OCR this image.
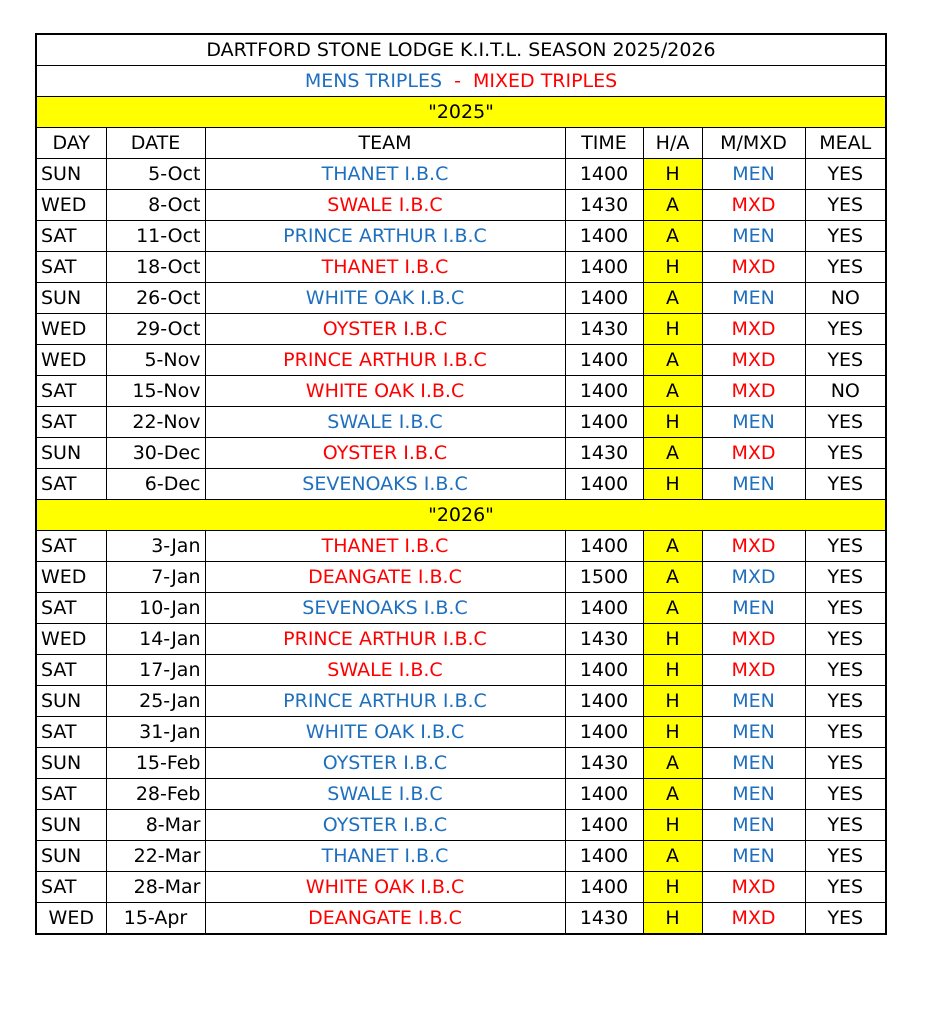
DARTFORD STONE LODGE K.I.T.L. SEASON 2025/2026						
MENS TRIPLES - MIXED TRIPLES						
"2025"						
DAY	DATE	TEAM	TIME	H/A	M/MXD	MEAL
SUN	5-Oct	THANET I.B.C	1400	H	MEN	YES
WED	8-Oct	SWALE I.B.C	1430	A	MXD	YES
SAT	11-Oct	PRINCE ARTHUR I.B.C	1400	A	MEN	YES
SAT	18-Oct	THANET I.B.C	1400	H	MXD	YES
SUN	26-Oct	WHITE OAK I.B.C	1400	A	MEN	NO
WED	29-Oct	OYSTER I.B.C	1430	H	MXD	YES
WED	5-Nov	PRINCE ARTHUR I.B.C	1400	A	MXD	YES
SAT	15-Nov	WHITE OAK I.B.C	1400	A	MXD	NO
SAT	22-Nov	SWALE I.B.C	1400	H	MEN	YES
SUN	30-Dec	OYSTER I.B.C	1430	A	MXD	YES
SAT	6-Dec	SEVENOAKS I.B.C	1400	H	MEN	YES
"2026"						
SAT	3-Jan	THANET I.B.C	1400	A	MXD	YES
WED	7-Jan	DEANGATE I.B.C	1500	A	MXD	YES
SAT	10-Jan	SEVENOAKS I.B.C	1400	A	MEN	YES
WED	14-Jan	PRINCE ARTHUR I.B.C	1430	H	MXD	YES
SAT	17-Jan	SWALE I.B.C	1400	H	MXD	YES
SUN	25-Jan	PRINCE ARTHUR I.B.C	1400	H	MEN	YES
SAT	31-Jan	WHITE OAK I.B.C	1400	H	MEN	YES
SUN	15-Feb	OYSTER I.B.C	1430	A	MEN	YES
SAT	28-Feb	SWALE I.B.C	1400	A	MEN	YES
SUN	8-Mar	OYSTER I.B.C	1400	H	MEN	YES
SUN	22-Mar	THANET I.B.C	1400	A	MEN	YES
SAT	28-Mar	WHITE OAK I.B.C	1400	H	MXD	YES
WED	15-Apr	DEANGATE I.B.C	1430	H	MXD	YES
